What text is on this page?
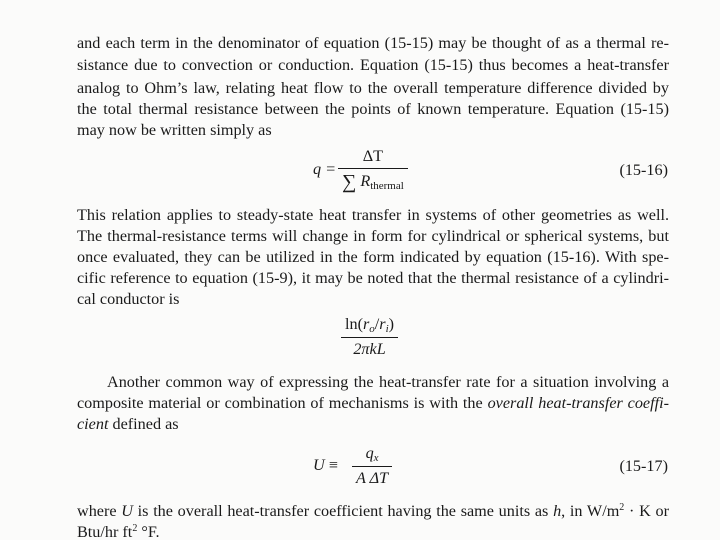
and each term in the denominator of equation (15-15) may be thought of as a thermal re-
sistance due to convection or conduction. Equation (15-15) thus becomes a heat-transfer
analog to Ohm’s law, relating heat flow to the overall temperature difference divided by
the total thermal resistance between the points of known temperature. Equation (15-15)
may now be written simply as
q =
ΔT
∑ $R_{thermal}$
(15-16)
This relation applies to steady-state heat transfer in systems of other geometries as well.
The thermal-resistance terms will change in form for cylindrical or spherical systems, but
once evaluated, they can be utilized in the form indicated by equation (15-16). With spe-
cific reference to equation (15-9), it may be noted that the thermal resistance of a cylindri-
cal conductor is
$\ln(r_o/r_i)$
2πkL
Another common way of expressing the heat-transfer rate for a situation involving a
composite material or combination of mechanisms is with the overall heat-transfer coeffi-
cient defined as
U ≡
$q_x$
A ΔT
(15-17)
where U is the overall heat-transfer coefficient having the same units as h, in $W/m^2 \cdot K$ or
Btu/hr $ft^2$ °F.
